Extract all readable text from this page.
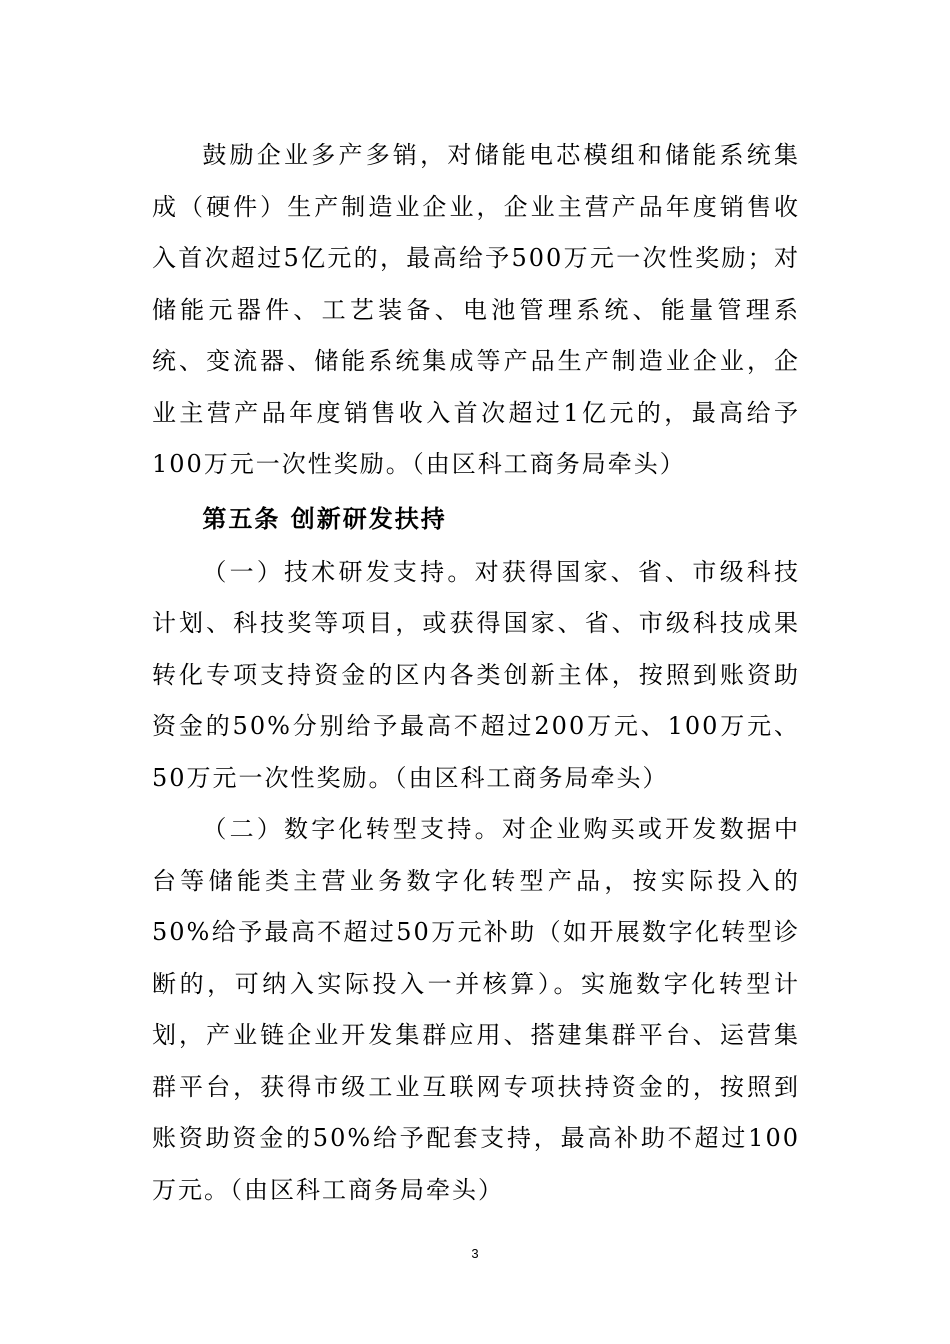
鼓励企业多产多销，对储能电芯模组和储能系统集成（硬件）生产制造业企业，企业主营产品年度销售收入首次超过5亿元的，最高给予500万元一次性奖励；对储能元器件、工艺装备、电池管理系统、能量管理系统、变流器、储能系统集成等产品生产制造业企业，企业主营产品年度销售收入首次超过1亿元的，最高给予100万元一次性奖励。（由区科工商务局牵头）

第五条 创新研发扶持

（一）技术研发支持。对获得国家、省、市级科技计划、科技奖等项目，或获得国家、省、市级科技成果转化专项支持资金的区内各类创新主体，按照到账资助资金的50%分别给予最高不超过200万元、100万元、50万元一次性奖励。（由区科工商务局牵头）

（二）数字化转型支持。对企业购买或开发数据中台等储能类主营业务数字化转型产品，按实际投入的50%给予最高不超过50万元补助（如开展数字化转型诊断的，可纳入实际投入一并核算）。实施数字化转型计划，产业链企业开发集群应用、搭建集群平台、运营集群平台，获得市级工业互联网专项扶持资金的，按照到账资助资金的50%给予配套支持，最高补助不超过100万元。（由区科工商务局牵头）

3
